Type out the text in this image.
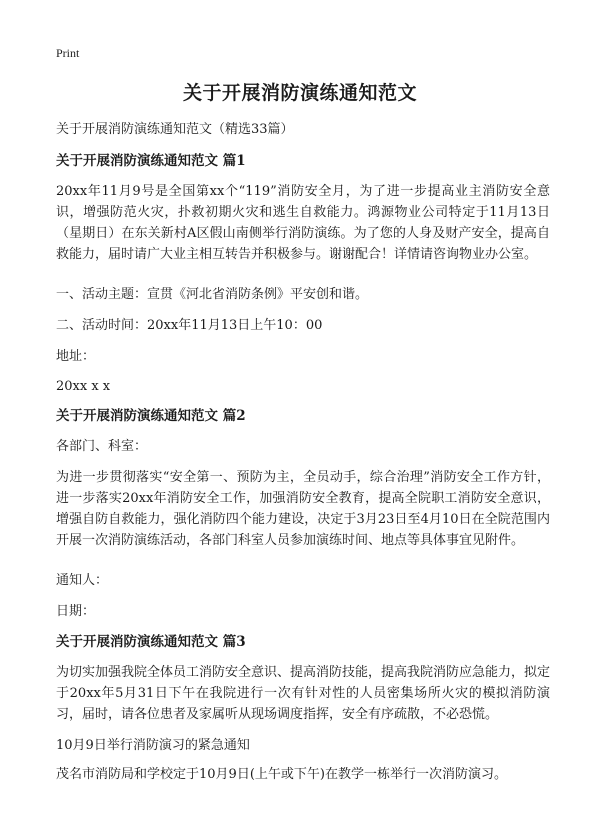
Print
关于开展消防演练通知范文
关于开展消防演练通知范文（精选33篇）
关于开展消防演练通知范文 篇1
20xx年11月9号是全国第xx个“119”消防安全月，为了进一步提高业主消防安全意识，增强防范火灾，扑救初期火灾和逃生自救能力。鸿源物业公司特定于11月13日（星期日）在东关新村A区假山南侧举行消防演练。为了您的人身及财产安全，提高自救能力，届时请广大业主相互转告并积极参与。谢谢配合！详情请咨询物业办公室。
一、活动主题：宣贯《河北省消防条例》平安创和谐。
二、活动时间：20xx年11月13日上午10：00
地址：
20xx x x
关于开展消防演练通知范文 篇2
各部门、科室：
为进一步贯彻落实“安全第一、预防为主，全员动手，综合治理”消防安全工作方针，进一步落实20xx年消防安全工作，加强消防安全教育，提高全院职工消防安全意识，增强自防自救能力，强化消防四个能力建设，决定于3月23日至4月10日在全院范围内开展一次消防演练活动，各部门科室人员参加演练时间、地点等具体事宜见附件。
通知人：
日期：
关于开展消防演练通知范文 篇3
为切实加强我院全体员工消防安全意识、提高消防技能，提高我院消防应急能力，拟定于20xx年5月31日下午在我院进行一次有针对性的人员密集场所火灾的模拟消防演习，届时，请各位患者及家属听从现场调度指挥，安全有序疏散，不必恐慌。
10月9日举行消防演习的紧急通知
茂名市消防局和学校定于10月9日(上午或下午)在教学一栋举行一次消防演习。
